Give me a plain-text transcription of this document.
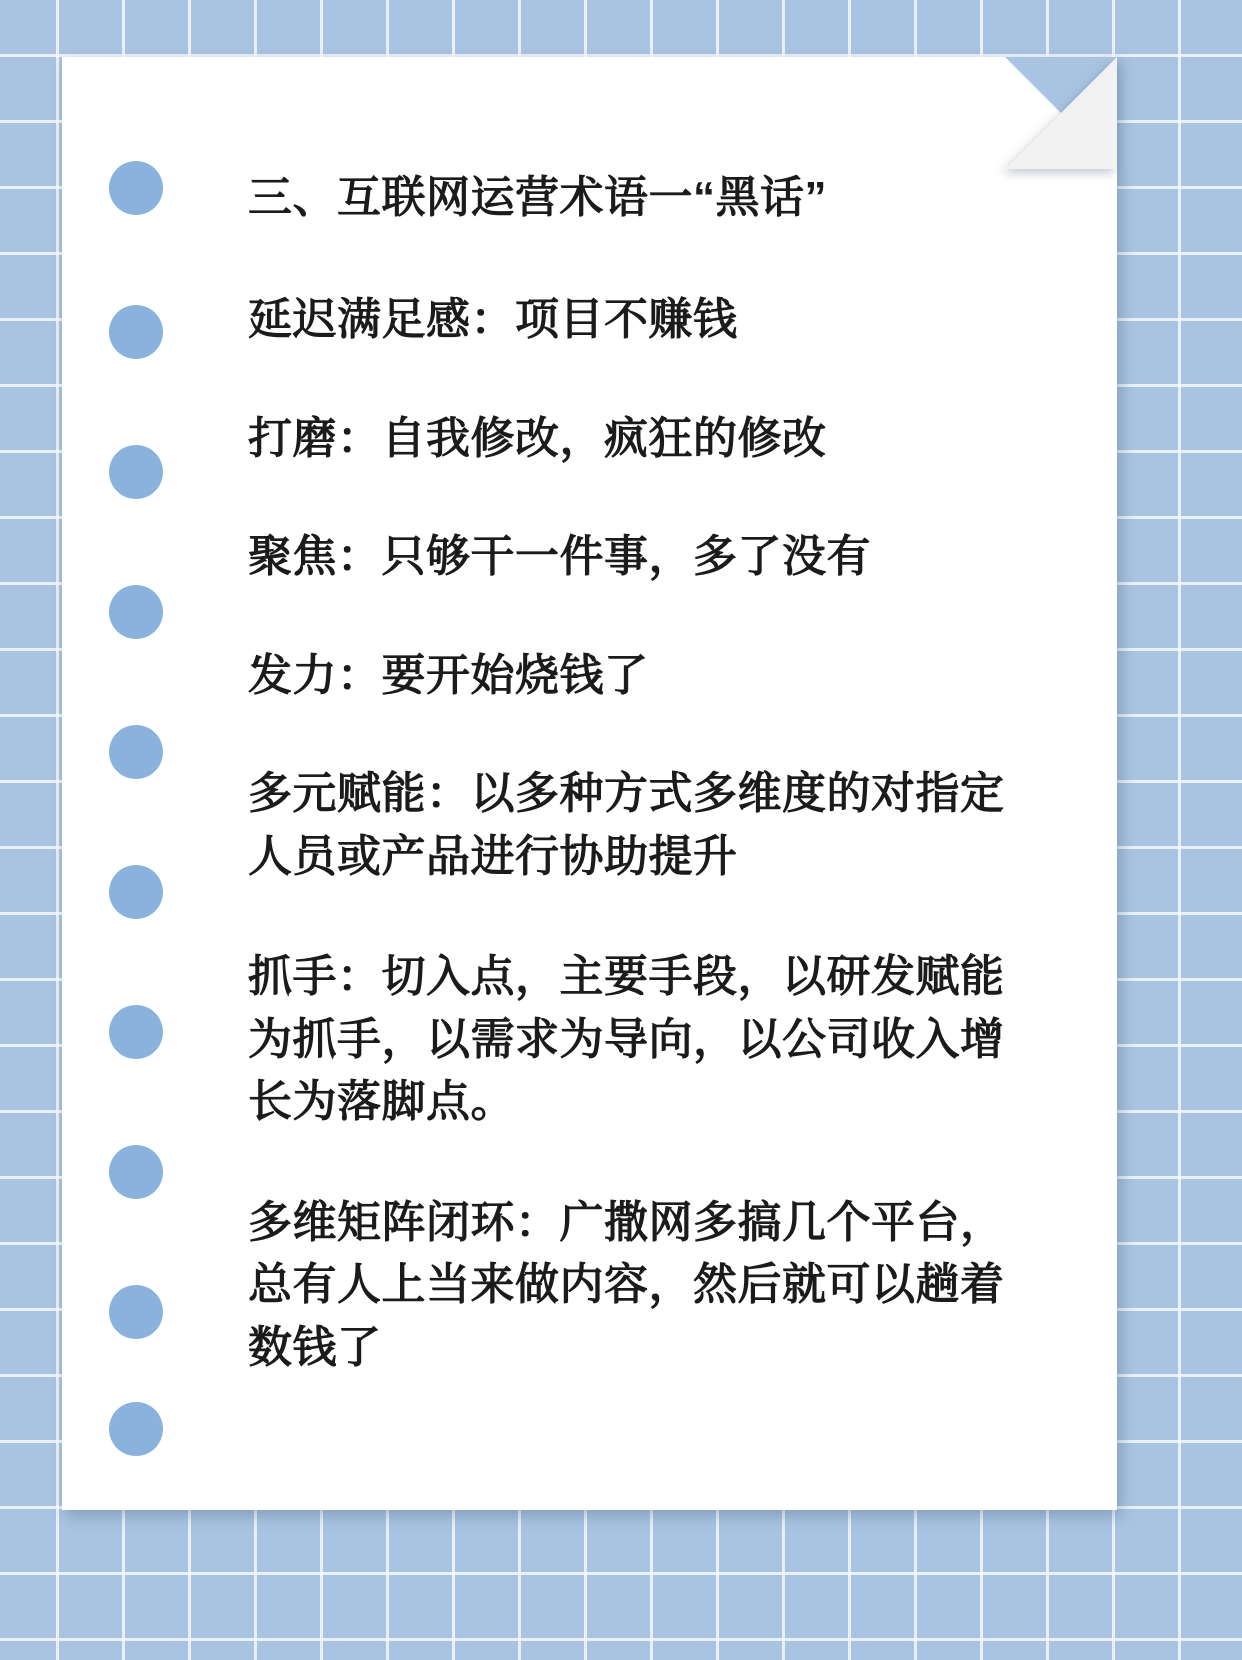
三、互联网运营术语一“黑话”

延迟满足感：项目不赚钱

打磨：自我修改，疯狂的修改

聚焦：只够干一件事，多了没有

发力：要开始烧钱了

多元赋能：以多种方式多维度的对指定人员或产品进行协助提升

抓手：切入点，主要手段，以研发赋能为抓手，以需求为导向，以公司收入增长为落脚点。

多维矩阵闭环：广撒网多搞几个平台，总有人上当来做内容，然后就可以趟着数钱了
